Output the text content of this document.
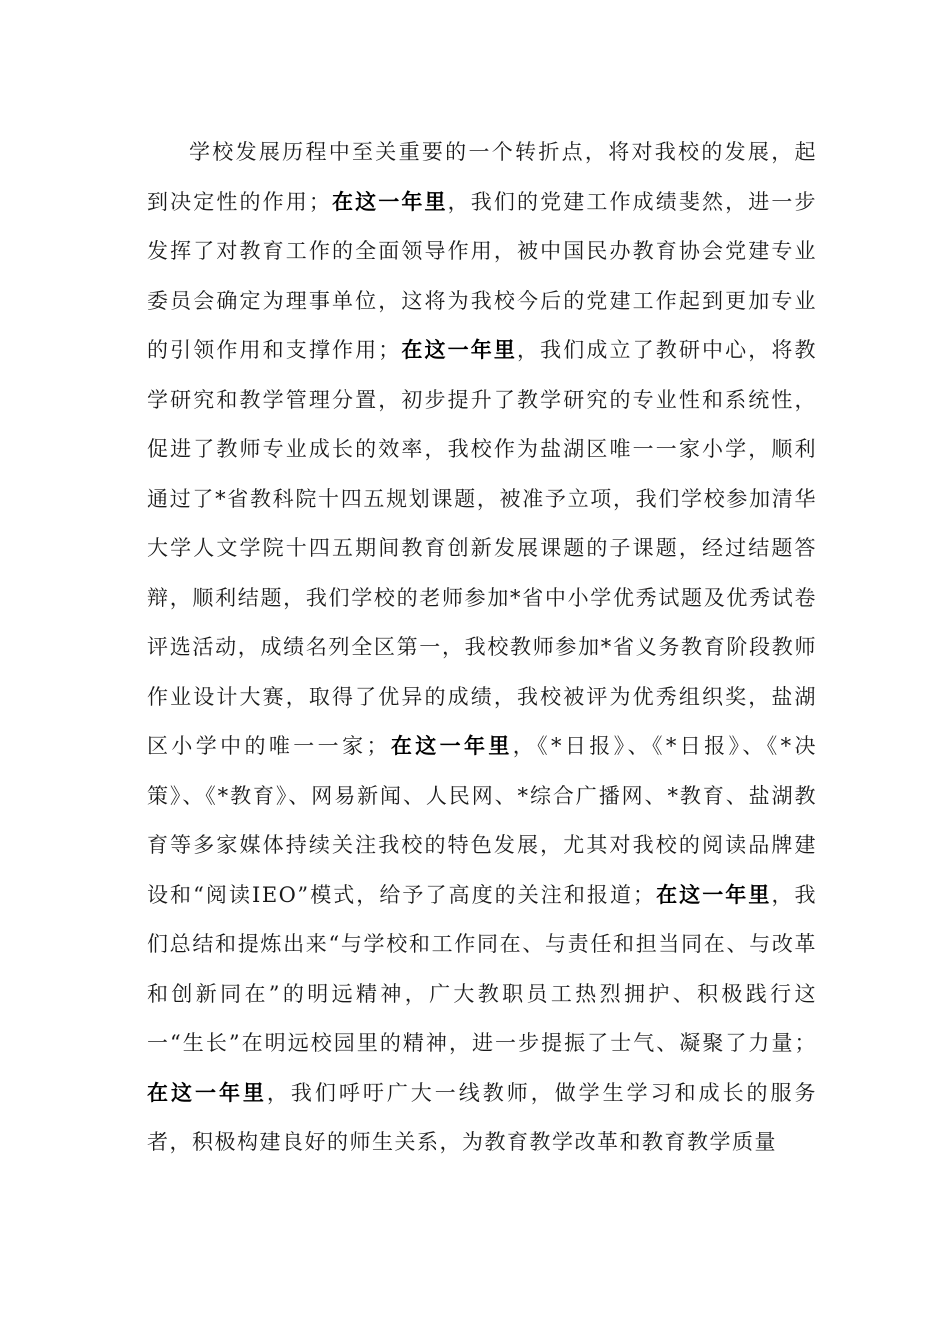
学校发展历程中至关重要的一个转折点，将对我校的发展，起到决定性的作用；在这一年里，我们的党建工作成绩斐然，进一步发挥了对教育工作的全面领导作用，被中国民办教育协会党建专业委员会确定为理事单位，这将为我校今后的党建工作起到更加专业的引领作用和支撑作用；在这一年里，我们成立了教研中心，将教学研究和教学管理分置，初步提升了教学研究的专业性和系统性，促进了教师专业成长的效率，我校作为盐湖区唯一一家小学，顺利通过了*省教科院十四五规划课题，被准予立项，我们学校参加清华大学人文学院十四五期间教育创新发展课题的子课题，经过结题答辩，顺利结题，我们学校的老师参加*省中小学优秀试题及优秀试卷评选活动，成绩名列全区第一，我校教师参加*省义务教育阶段教师作业设计大赛，取得了优异的成绩，我校被评为优秀组织奖，盐湖区小学中的唯一一家；在这一年里，《*日报》、《*日报》、《*决策》、《*教育》、网易新闻、人民网、*综合广播网、*教育、盐湖教育等多家媒体持续关注我校的特色发展，尤其对我校的阅读品牌建设和“阅读IEO”模式，给予了高度的关注和报道；在这一年里，我们总结和提炼出来“与学校和工作同在、与责任和担当同在、与改革和创新同在”的明远精神，广大教职员工热烈拥护、积极践行这一“生长”在明远校园里的精神，进一步提振了士气、凝聚了力量；在这一年里，我们呼吁广大一线教师，做学生学习和成长的服务者，积极构建良好的师生关系，为教育教学改革和教育教学质量
